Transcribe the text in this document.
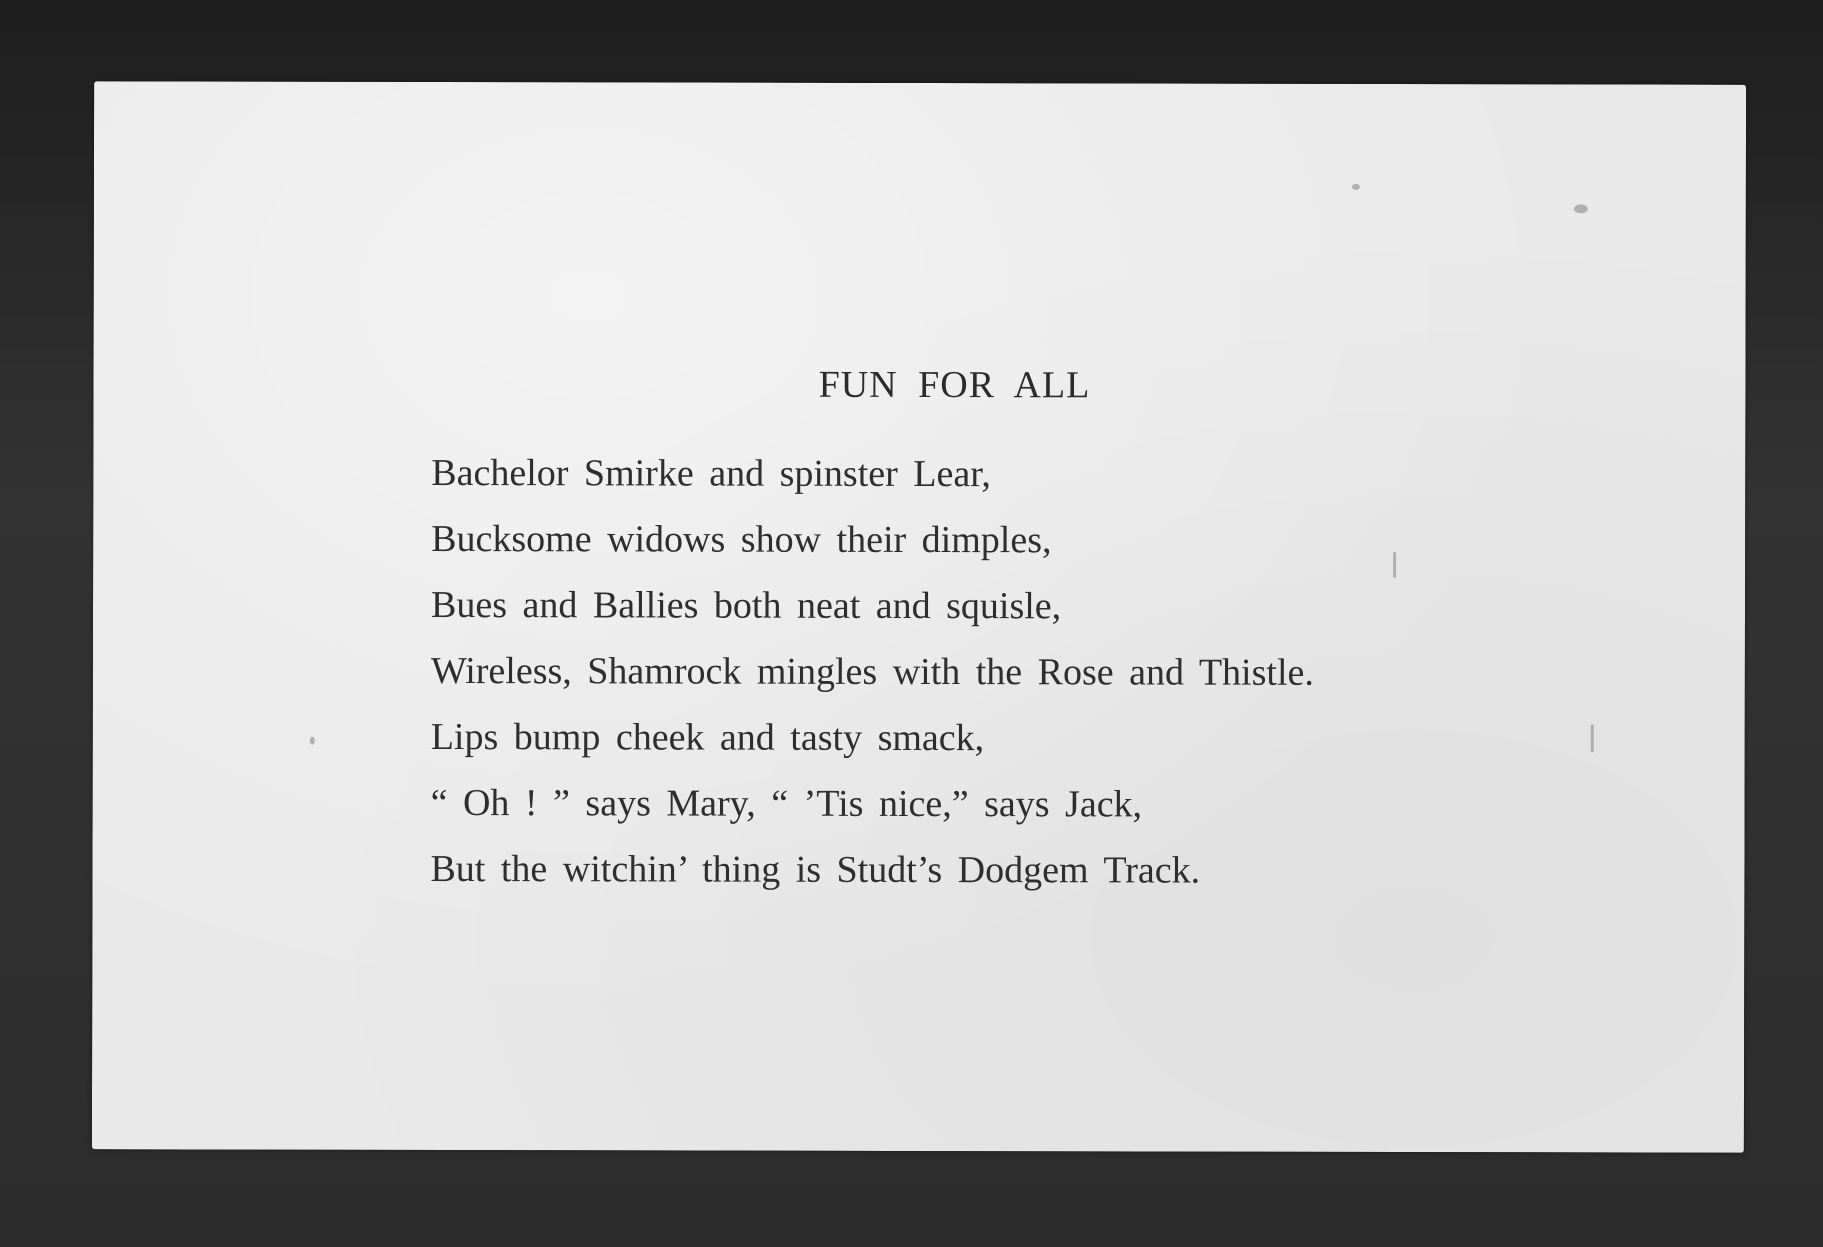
FUN FOR ALL
Bachelor Smirke and spinster Lear,
Bucksome widows show their dimples,
Bues and Ballies both neat and squisle,
Wireless, Shamrock mingles with the Rose and Thistle.
Lips bump cheek and tasty smack,
“ Oh ! ” says Mary, “ ’Tis nice,” says Jack,
But the witchin’ thing is Studt’s Dodgem Track.
